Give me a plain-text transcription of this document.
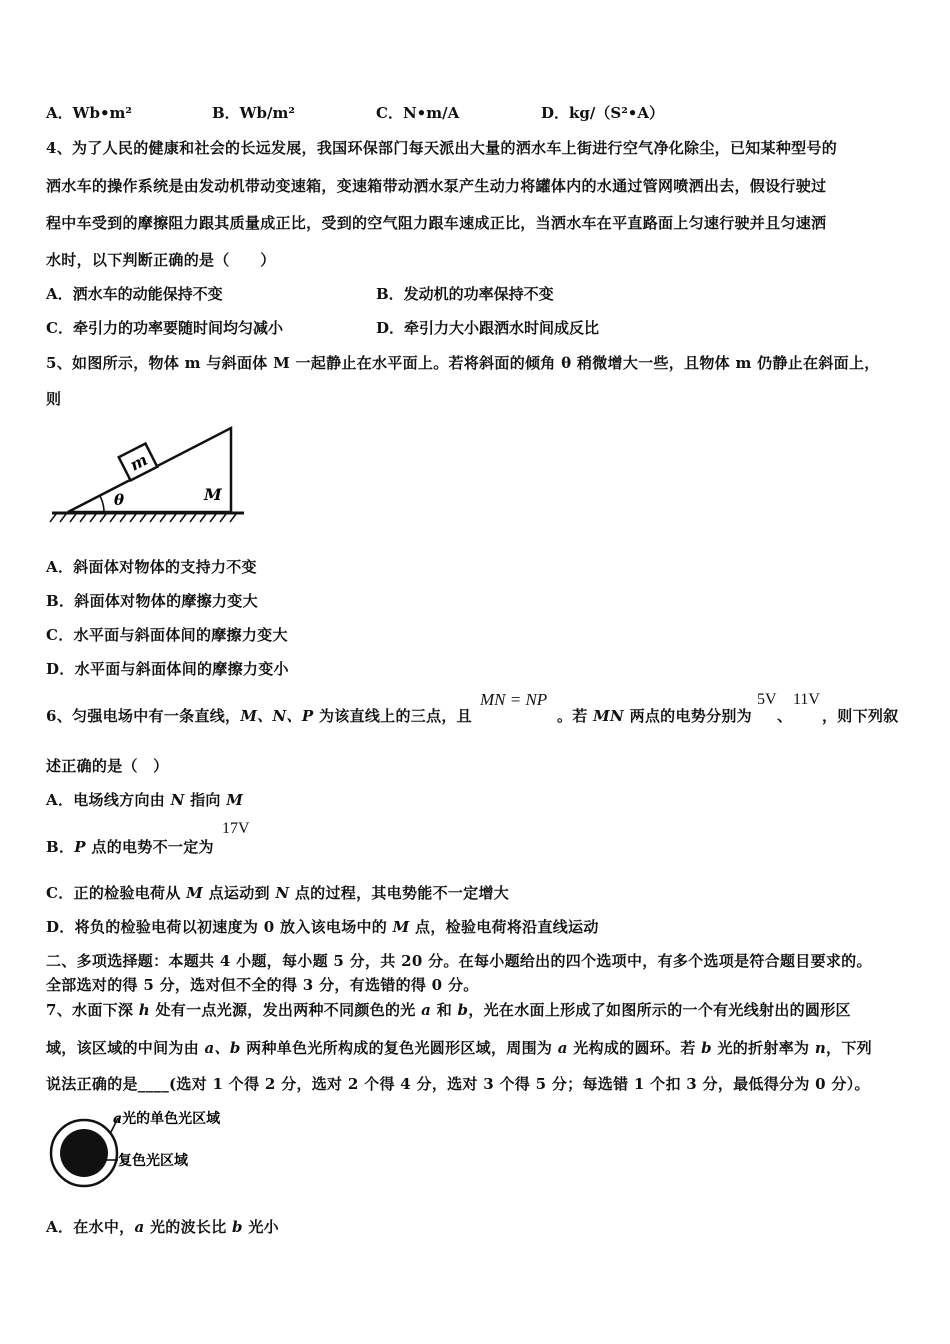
A．Wb•m²	B．Wb/m²	C．N•m/A	D．kg/（S²•A）
4、为了人民的健康和社会的长远发展，我国环保部门每天派出大量的洒水车上街进行空气净化除尘，已知某种型号的
洒水车的操作系统是由发动机带动变速箱，变速箱带动洒水泵产生动力将罐体内的水通过管网喷洒出去，假设行驶过
程中车受到的摩擦阻力跟其质量成正比，受到的空气阻力跟车速成正比，当洒水车在平直路面上匀速行驶并且匀速洒
水时，以下判断正确的是（　　）
A．洒水车的动能保持不变	B．发动机的功率保持不变
C．牵引力的功率要随时间均匀减小	D．牵引力大小跟洒水时间成反比
5、如图所示，物体 m 与斜面体 M 一起静止在水平面上。若将斜面的倾角 θ 稍微增大一些，且物体 m 仍静止在斜面上，
则
m
θ	M
A．斜面体对物体的支持力不变
B．斜面体对物体的摩擦力变大
C．水平面与斜面体间的摩擦力变大
D．水平面与斜面体间的摩擦力变小
6、匀强电场中有一条直线，M、N、P 为该直线上的三点，且
MN = NP
。若 MN 两点的电势分别为
5V
、
11V
，则下列叙
述正确的是（　）
A．电场线方向由 N 指向 M
B．P 点的电势不一定为
17V
C．正的检验电荷从 M 点运动到 N 点的过程，其电势能不一定增大
D．将负的检验电荷以初速度为 0 放入该电场中的 M 点，检验电荷将沿直线运动
二、多项选择题：本题共 4 小题，每小题 5 分，共 20 分。在每小题给出的四个选项中，有多个选项是符合题目要求的。
全部选对的得 5 分，选对但不全的得 3 分，有选错的得 0 分。
7、水面下深 h 处有一点光源，发出两种不同颜色的光 a 和 b，光在水面上形成了如图所示的一个有光线射出的圆形区
域，该区域的中间为由 a、b 两种单色光所构成的复色光圆形区域，周围为 a 光构成的圆环。若 b 光的折射率为 n，下列
说法正确的是____(选对 1 个得 2 分，选对 2 个得 4 分，选对 3 个得 5 分；每选错 1 个扣 3 分，最低得分为 0 分）。
a光的单色光区域
复色光区域
A．在水中，a 光的波长比 b 光小
